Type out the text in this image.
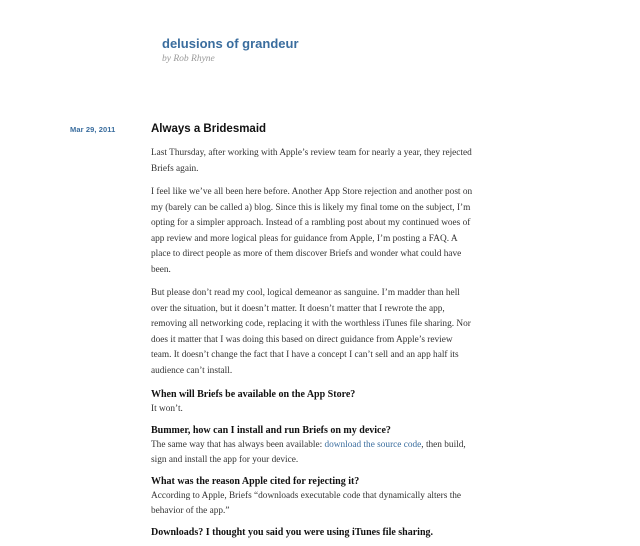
delusions of grandeur
by Rob Rhyne
Mar 29, 2011	Always a Bridesmaid

Last Thursday, after working with Apple’s review team for nearly a year, they rejected Briefs again.

I feel like we’ve all been here before. Another App Store rejection and another post on my (barely can be called a) blog. Since this is likely my final tome on the subject, I’m opting for a simpler approach. Instead of a rambling post about my continued woes of app review and more logical pleas for guidance from Apple, I’m posting a FAQ. A place to direct people as more of them discover Briefs and wonder what could have been.

But please don’t read my cool, logical demeanor as sanguine. I’m madder than hell over the situation, but it doesn’t matter. It doesn’t matter that I rewrote the app, removing all networking code, replacing it with the worthless iTunes file sharing. Nor does it matter that I was doing this based on direct guidance from Apple’s review team. It doesn’t change the fact that I have a concept I can’t sell and an app half its audience can’t install.

When will Briefs be available on the App Store?
It won’t.
Bummer, how can I install and run Briefs on my device?
The same way that has always been available: download the source code, then build, sign and install the app for your device.
What was the reason Apple cited for rejecting it?
According to Apple, Briefs “downloads executable code that dynamically alters the behavior of the app.”
Downloads? I thought you said you were using iTunes file sharing.
